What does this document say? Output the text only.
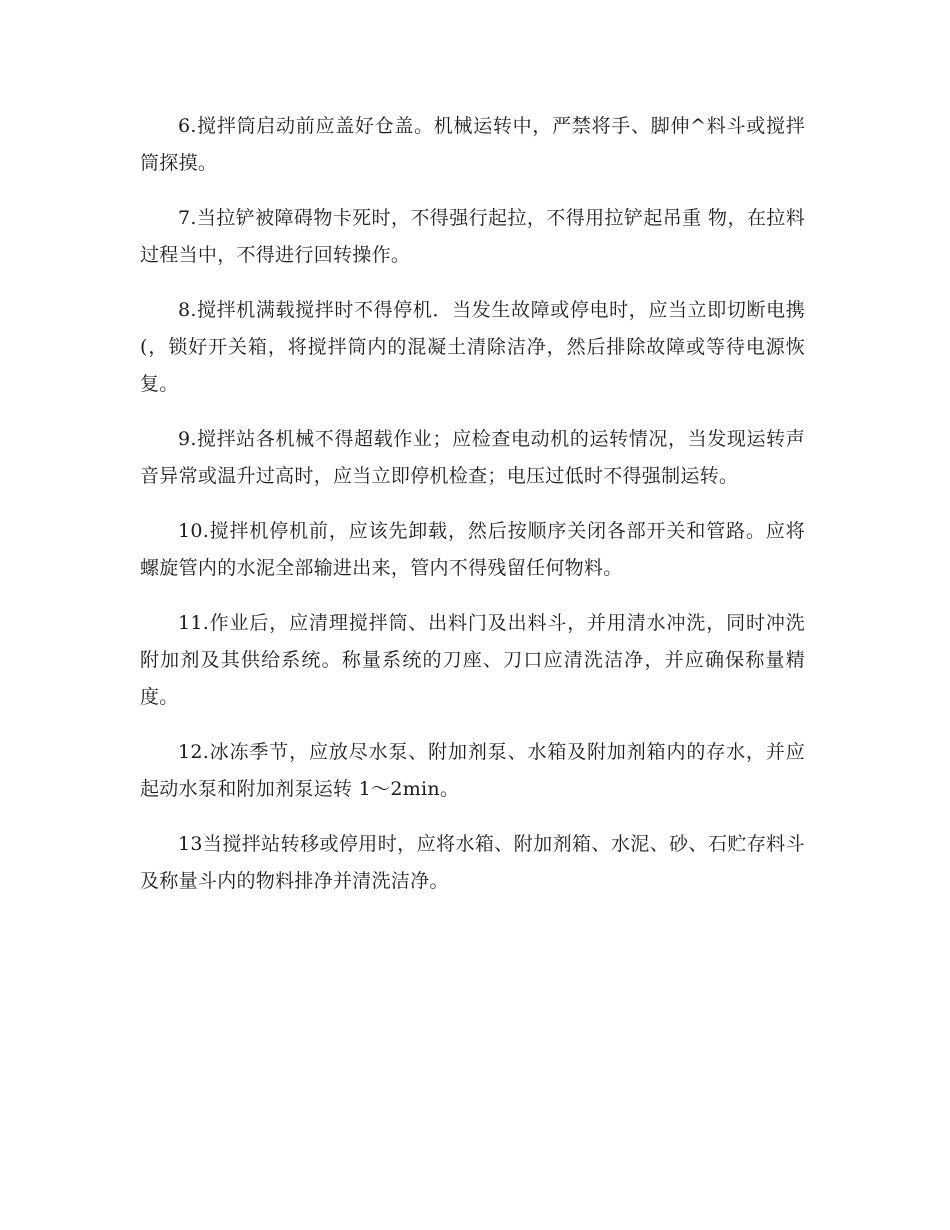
6.搅拌筒启动前应盖好仓盖。机械运转中，严禁将手、脚伸^料斗或搅拌筒探摸。

7.当拉铲被障碍物卡死时，不得强行起拉，不得用拉铲起吊重 物，在拉料过程当中，不得进行回转操作。

8.搅拌机满载搅拌时不得停机．当发生故障或停电时，应当立即切断电携(，锁好开关箱，将搅拌筒内的混凝土清除洁净，然后排除故障或等待电源恢复。

9.搅拌站各机械不得超载作业；应检查电动机的运转情况，当发现运转声音异常或温升过高时，应当立即停机检查；电压过低时不得强制运转。

10.搅拌机停机前，应该先卸载，然后按顺序关闭各部开关和管路。应将螺旋管内的水泥全部输进出来，管内不得残留任何物料。

11.作业后，应清理搅拌筒、出料门及出料斗，并用清水冲洗，同时冲洗附加剂及其供给系统。称量系统的刀座、刀口应清洗洁净，并应确保称量精度。

12.冰冻季节，应放尽水泵、附加剂泵、水箱及附加剂箱内的存水，并应起动水泵和附加剂泵运转 1～2min。

13当搅拌站转移或停用时，应将水箱、附加剂箱、水泥、砂、石贮存料斗及称量斗内的物料排净并清洗洁净。
